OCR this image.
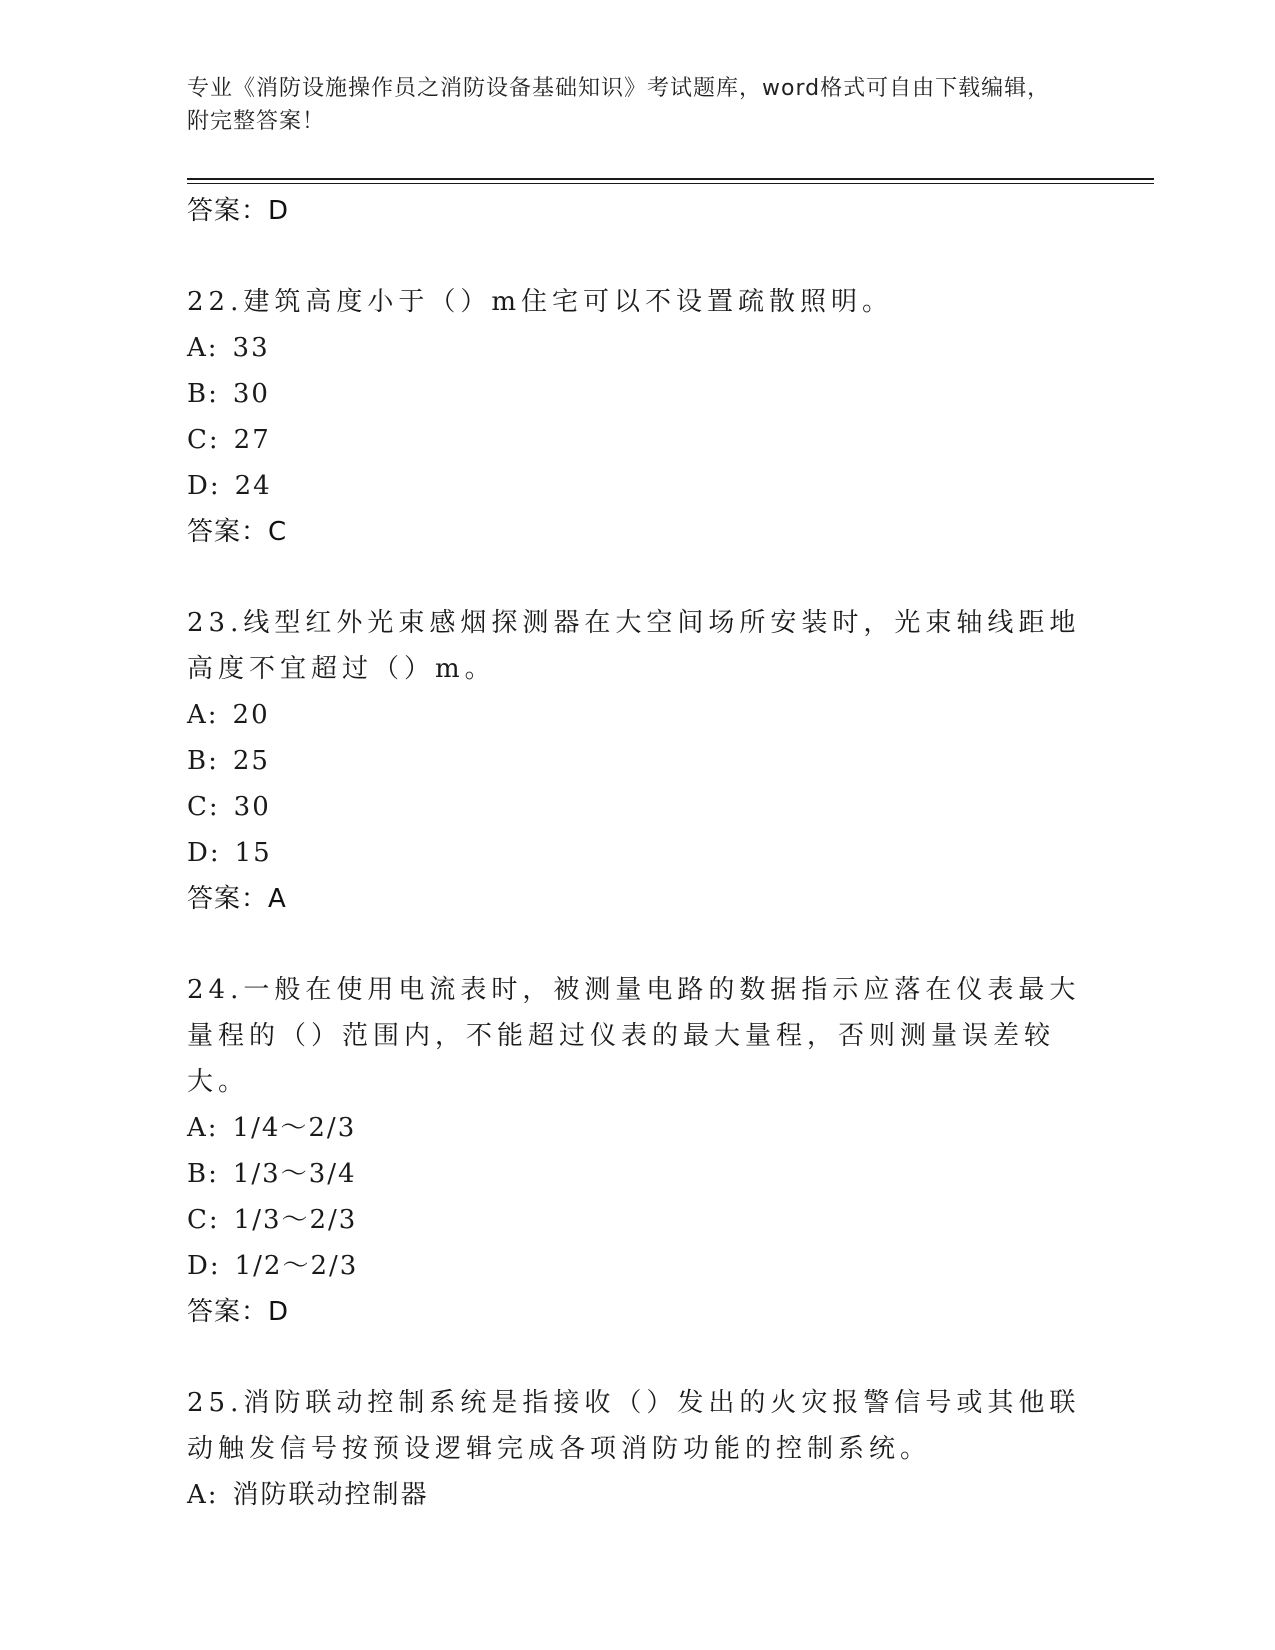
专业《消防设施操作员之消防设备基础知识》考试题库，word格式可自由下载编辑，附完整答案！
答案：D
22.建筑高度小于（）m住宅可以不设置疏散照明。
A: 33
B: 30
C: 27
D: 24
答案：C
23.线型红外光束感烟探测器在大空间场所安装时，光束轴线距地高度不宜超过（）m。
A: 20
B: 25
C: 30
D: 15
答案：A
24.一般在使用电流表时，被测量电路的数据指示应落在仪表最大量程的（）范围内，不能超过仪表的最大量程，否则测量误差较大。
A: 1/4～2/3
B: 1/3～3/4
C: 1/3～2/3
D: 1/2～2/3
答案：D
25.消防联动控制系统是指接收（）发出的火灾报警信号或其他联动触发信号按预设逻辑完成各项消防功能的控制系统。
A: 消防联动控制器
